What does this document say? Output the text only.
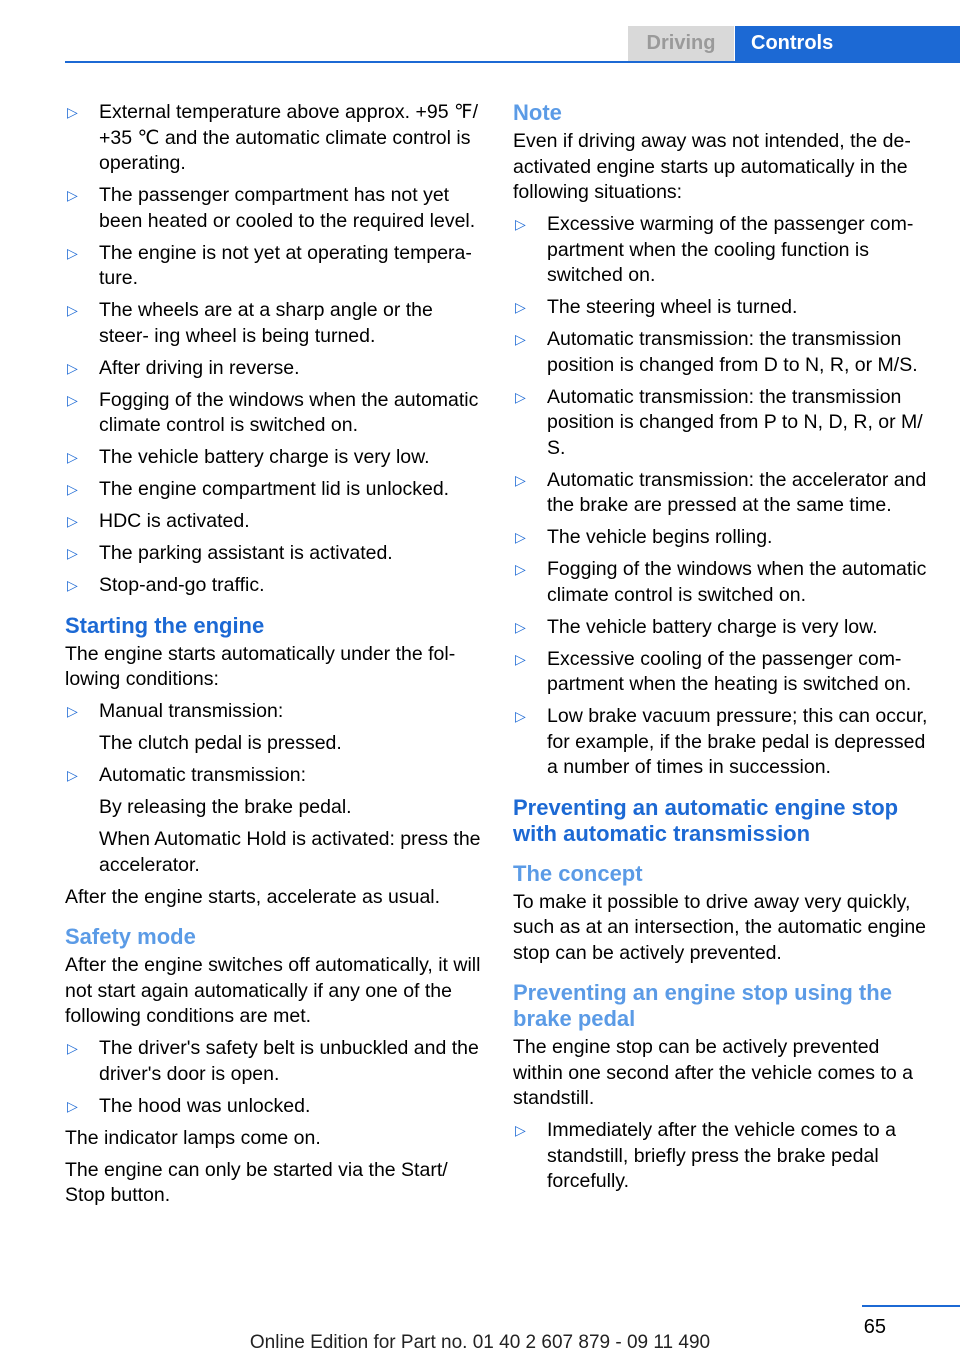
Driving	Controls
▷ External temperature above approx. +95 ℉/ +35 ℃ and the automatic climate control is operating.
▷ The passenger compartment has not yet been heated or cooled to the required level.
▷ The engine is not yet at operating tempera‐ ture.
▷ The wheels are at a sharp angle or the steer‐ ing wheel is being turned.
▷ After driving in reverse.
▷ Fogging of the windows when the automatic climate control is switched on.
▷ The vehicle battery charge is very low.
▷ The engine compartment lid is unlocked.
▷ HDC is activated.
▷ The parking assistant is activated.
▷ Stop-and-go traffic.
Starting the engine

The engine starts automatically under the fol‐ lowing conditions:

▷ Manual transmission:
The clutch pedal is pressed.
▷ Automatic transmission:
By releasing the brake pedal.
When Automatic Hold is activated: press the accelerator.

After the engine starts, accelerate as usual.

Safety mode

After the engine switches off automatically, it will not start again automatically if any one of the following conditions are met.

▷ The driver's safety belt is unbuckled and the driver's door is open.
▷ The hood was unlocked.

The indicator lamps come on.

The engine can only be started via the Start/ Stop button.

Note

Even if driving away was not intended, the de‐ activated engine starts up automatically in the following situations:

▷ Excessive warming of the passenger com‐ partment when the cooling function is switched on.
▷ The steering wheel is turned.
▷ Automatic transmission: the transmission position is changed from D to N, R, or M/S.
▷ Automatic transmission: the transmission position is changed from P to N, D, R, or M/ S.
▷ Automatic transmission: the accelerator and the brake are pressed at the same time.
▷ The vehicle begins rolling.
▷ Fogging of the windows when the automatic climate control is switched on.
▷ The vehicle battery charge is very low.
▷ Excessive cooling of the passenger com‐ partment when the heating is switched on.
▷ Low brake vacuum pressure; this can occur, for example, if the brake pedal is depressed a number of times in succession.
Preventing an automatic engine stop with automatic transmission
The concept

To make it possible to drive away very quickly, such as at an intersection, the automatic engine stop can be actively prevented.

Preventing an engine stop using the brake pedal

The engine stop can be actively prevented within one second after the vehicle comes to a standstill.

▷ Immediately after the vehicle comes to a standstill, briefly press the brake pedal forcefully.
65
Online Edition for Part no. 01 40 2 607 879 - 09 11 490
